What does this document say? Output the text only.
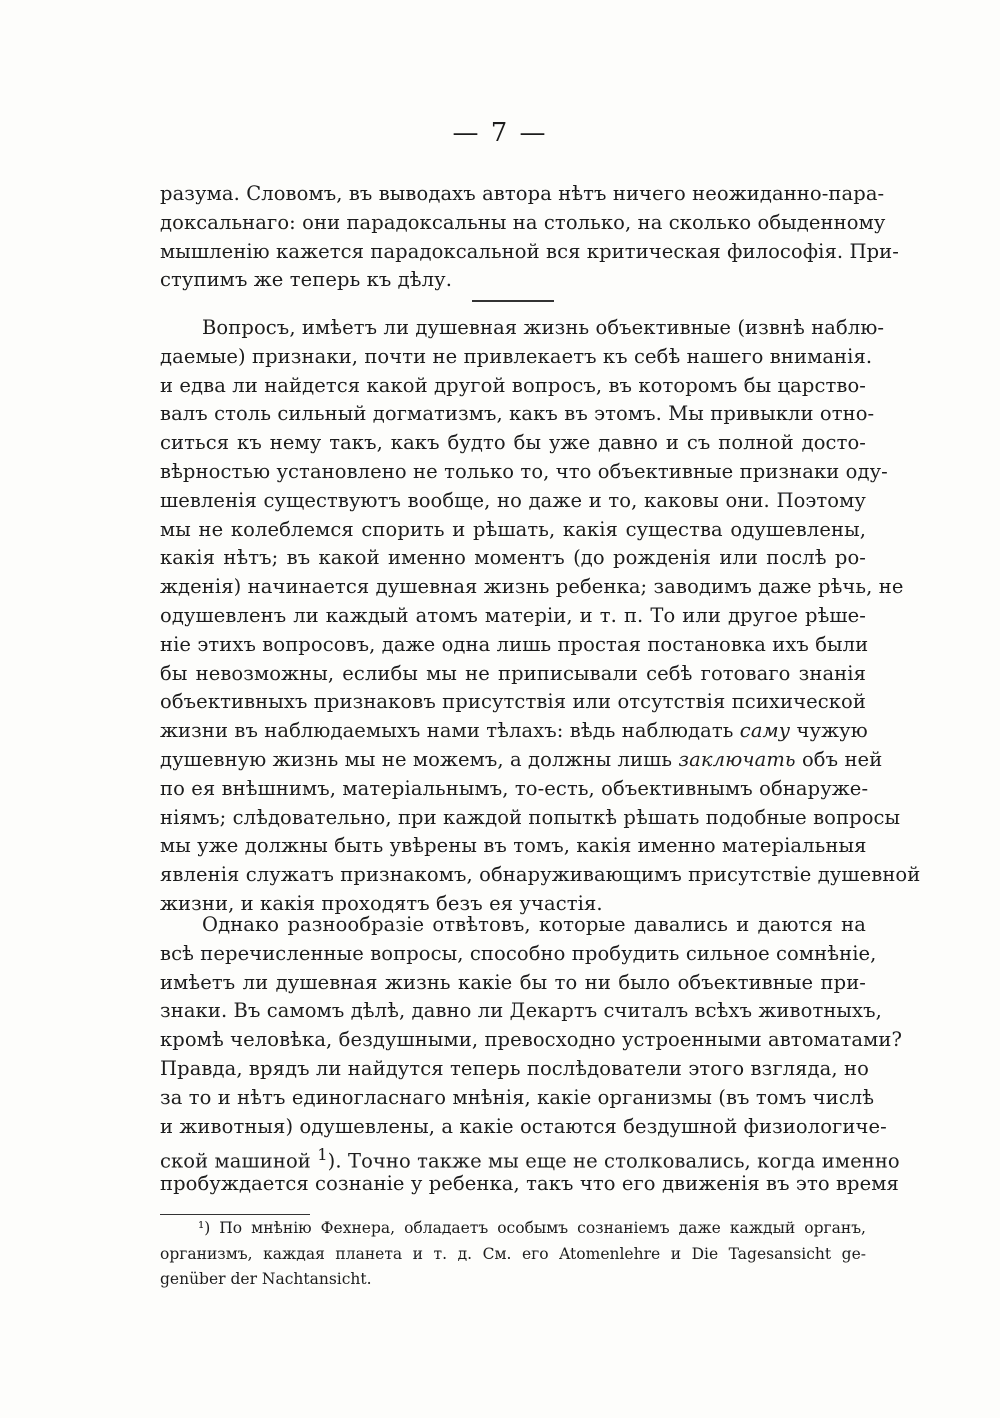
— 7 —
разума. Словомъ, въ выводахъ автора нѣтъ ничего неожиданно-пара-
доксальнаго: они парадоксальны на столько, на сколько обыденному
мышленію кажется парадоксальной вся критическая философія. При-
ступимъ же теперь къ дѣлу.
Вопросъ, имѣетъ ли душевная жизнь объективные (извнѣ наблю-
даемые) признаки, почти не привлекаетъ къ себѣ нашего вниманія.
и едва ли найдется какой другой вопросъ, въ которомъ бы царство-
валъ столь сильный догматизмъ, какъ въ этомъ. Мы привыкли отно-
ситься къ нему такъ, какъ будто бы уже давно и съ полной досто-
вѣрностью установлено не только то, что объективные признаки оду-
шевленія существуютъ вообще, но даже и то, каковы они. Поэтому
мы не колеблемся спорить и рѣшать, какія существа одушевлены,
какія нѣтъ; въ какой именно моментъ (до рожденія или послѣ ро-
жденія) начинается душевная жизнь ребенка; заводимъ даже рѣчь, не
одушевленъ ли каждый атомъ матеріи, и т. п. То или другое рѣше-
ніе этихъ вопросовъ, даже одна лишь простая постановка ихъ были
бы невозможны, еслибы мы не приписывали себѣ готоваго знанія
объективныхъ признаковъ присутствія или отсутствія психической
жизни въ наблюдаемыхъ нами тѣлахъ: вѣдь наблюдать саму чужую
душевную жизнь мы не можемъ, а должны лишь заключать объ ней
по ея внѣшнимъ, матеріальнымъ, то-есть, объективнымъ обнаруже-
ніямъ; слѣдовательно, при каждой попыткѣ рѣшать подобные вопросы
мы уже должны быть увѣрены въ томъ, какія именно матеріальныя
явленія служатъ признакомъ, обнаруживающимъ присутствіе душевной
жизни, и какія проходятъ безъ ея участія.
Однако разнообразіе отвѣтовъ, которые давались и даются на
всѣ перечисленные вопросы, способно пробудить сильное сомнѣніе,
имѣетъ ли душевная жизнь какіе бы то ни было объективные при-
знаки. Въ самомъ дѣлѣ, давно ли Декартъ считалъ всѣхъ животныхъ,
кромѣ человѣка, бездушными, превосходно устроенными автоматами?
Правда, врядъ ли найдутся теперь послѣдователи этого взгляда, но
за то и нѣтъ единогласнаго мнѣнія, какіе организмы (въ томъ числѣ
и животныя) одушевлены, а какіе остаются бездушной физиологиче-
ской машиной $^1$). Точно также мы еще не столковались, когда именно
пробуждается сознаніе у ребенка, такъ что его движенія въ это время
¹) По мнѣнію Фехнера, обладаетъ особымъ сознаніемъ даже каждый органъ,
организмъ, каждая планета и т. д. См. его Atomenlehre и Die Tagesansicht ge-
genüber der Nachtansicht.
